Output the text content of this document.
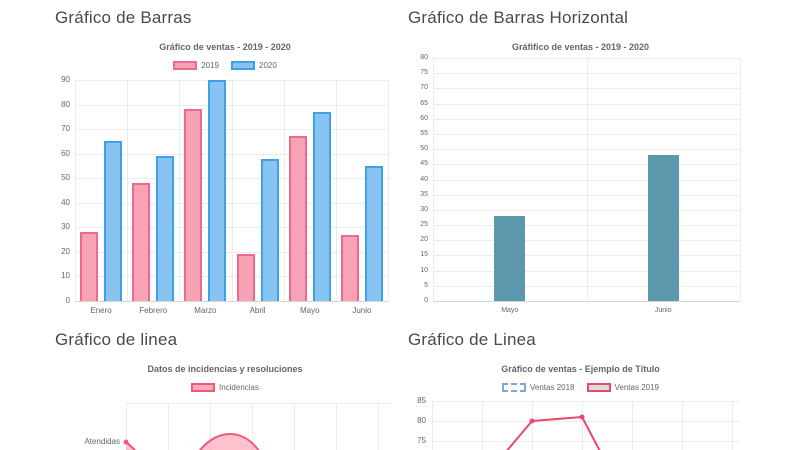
Gráfico de Barras	Gráfico de Barras Horizontal
Gráfico de linea	Gráfico de Linea
Gráfico de ventas - 2019 - 2020
2019	2020
0
10
20
30
40
50
60
70
80
90
Enero	Febrero	Marzo	Abril	Mayo	Junio
Gráfifico de ventas - 2019 - 2020
0
5
10
15
20
25
30
35
40
45
50
55
60
65
70
75
80
Mayo	Junio
Datos de incidencias y resoluciones
Incidencias
Atendidas
Gráfico de ventas - Ejemplo de Título
Ventas 2018	Ventas 2019
85
80
75
